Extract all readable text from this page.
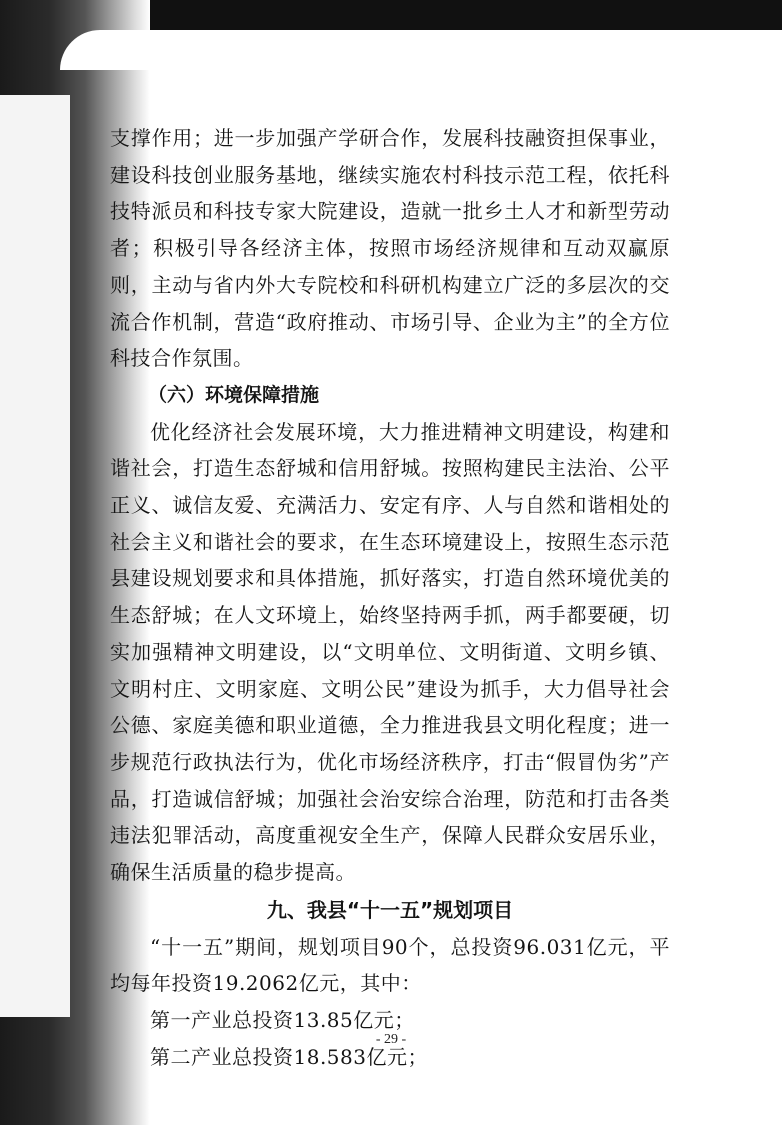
支撑作用；进一步加强产学研合作，发展科技融资担保事业，建设科技创业服务基地，继续实施农村科技示范工程，依托科技特派员和科技专家大院建设，造就一批乡土人才和新型劳动者；积极引导各经济主体，按照市场经济规律和互动双赢原则，主动与省内外大专院校和科研机构建立广泛的多层次的交流合作机制，营造“政府推动、市场引导、企业为主”的全方位科技合作氛围。

（六）环境保障措施

优化经济社会发展环境，大力推进精神文明建设，构建和谐社会，打造生态舒城和信用舒城。按照构建民主法治、公平正义、诚信友爱、充满活力、安定有序、人与自然和谐相处的社会主义和谐社会的要求，在生态环境建设上，按照生态示范县建设规划要求和具体措施，抓好落实，打造自然环境优美的生态舒城；在人文环境上，始终坚持两手抓，两手都要硬，切实加强精神文明建设，以“文明单位、文明街道、文明乡镇、文明村庄、文明家庭、文明公民”建设为抓手，大力倡导社会公德、家庭美德和职业道德，全力推进我县文明化程度；进一步规范行政执法行为，优化市场经济秩序，打击“假冒伪劣”产品，打造诚信舒城；加强社会治安综合治理，防范和打击各类违法犯罪活动，高度重视安全生产，保障人民群众安居乐业，确保生活质量的稳步提高。

九、我县“十一五”规划项目

“十一五”期间，规划项目90个，总投资96.031亿元，平均每年投资19.2062亿元，其中：

第一产业总投资13.85亿元；

第二产业总投资18.583亿元；

- 29 -
